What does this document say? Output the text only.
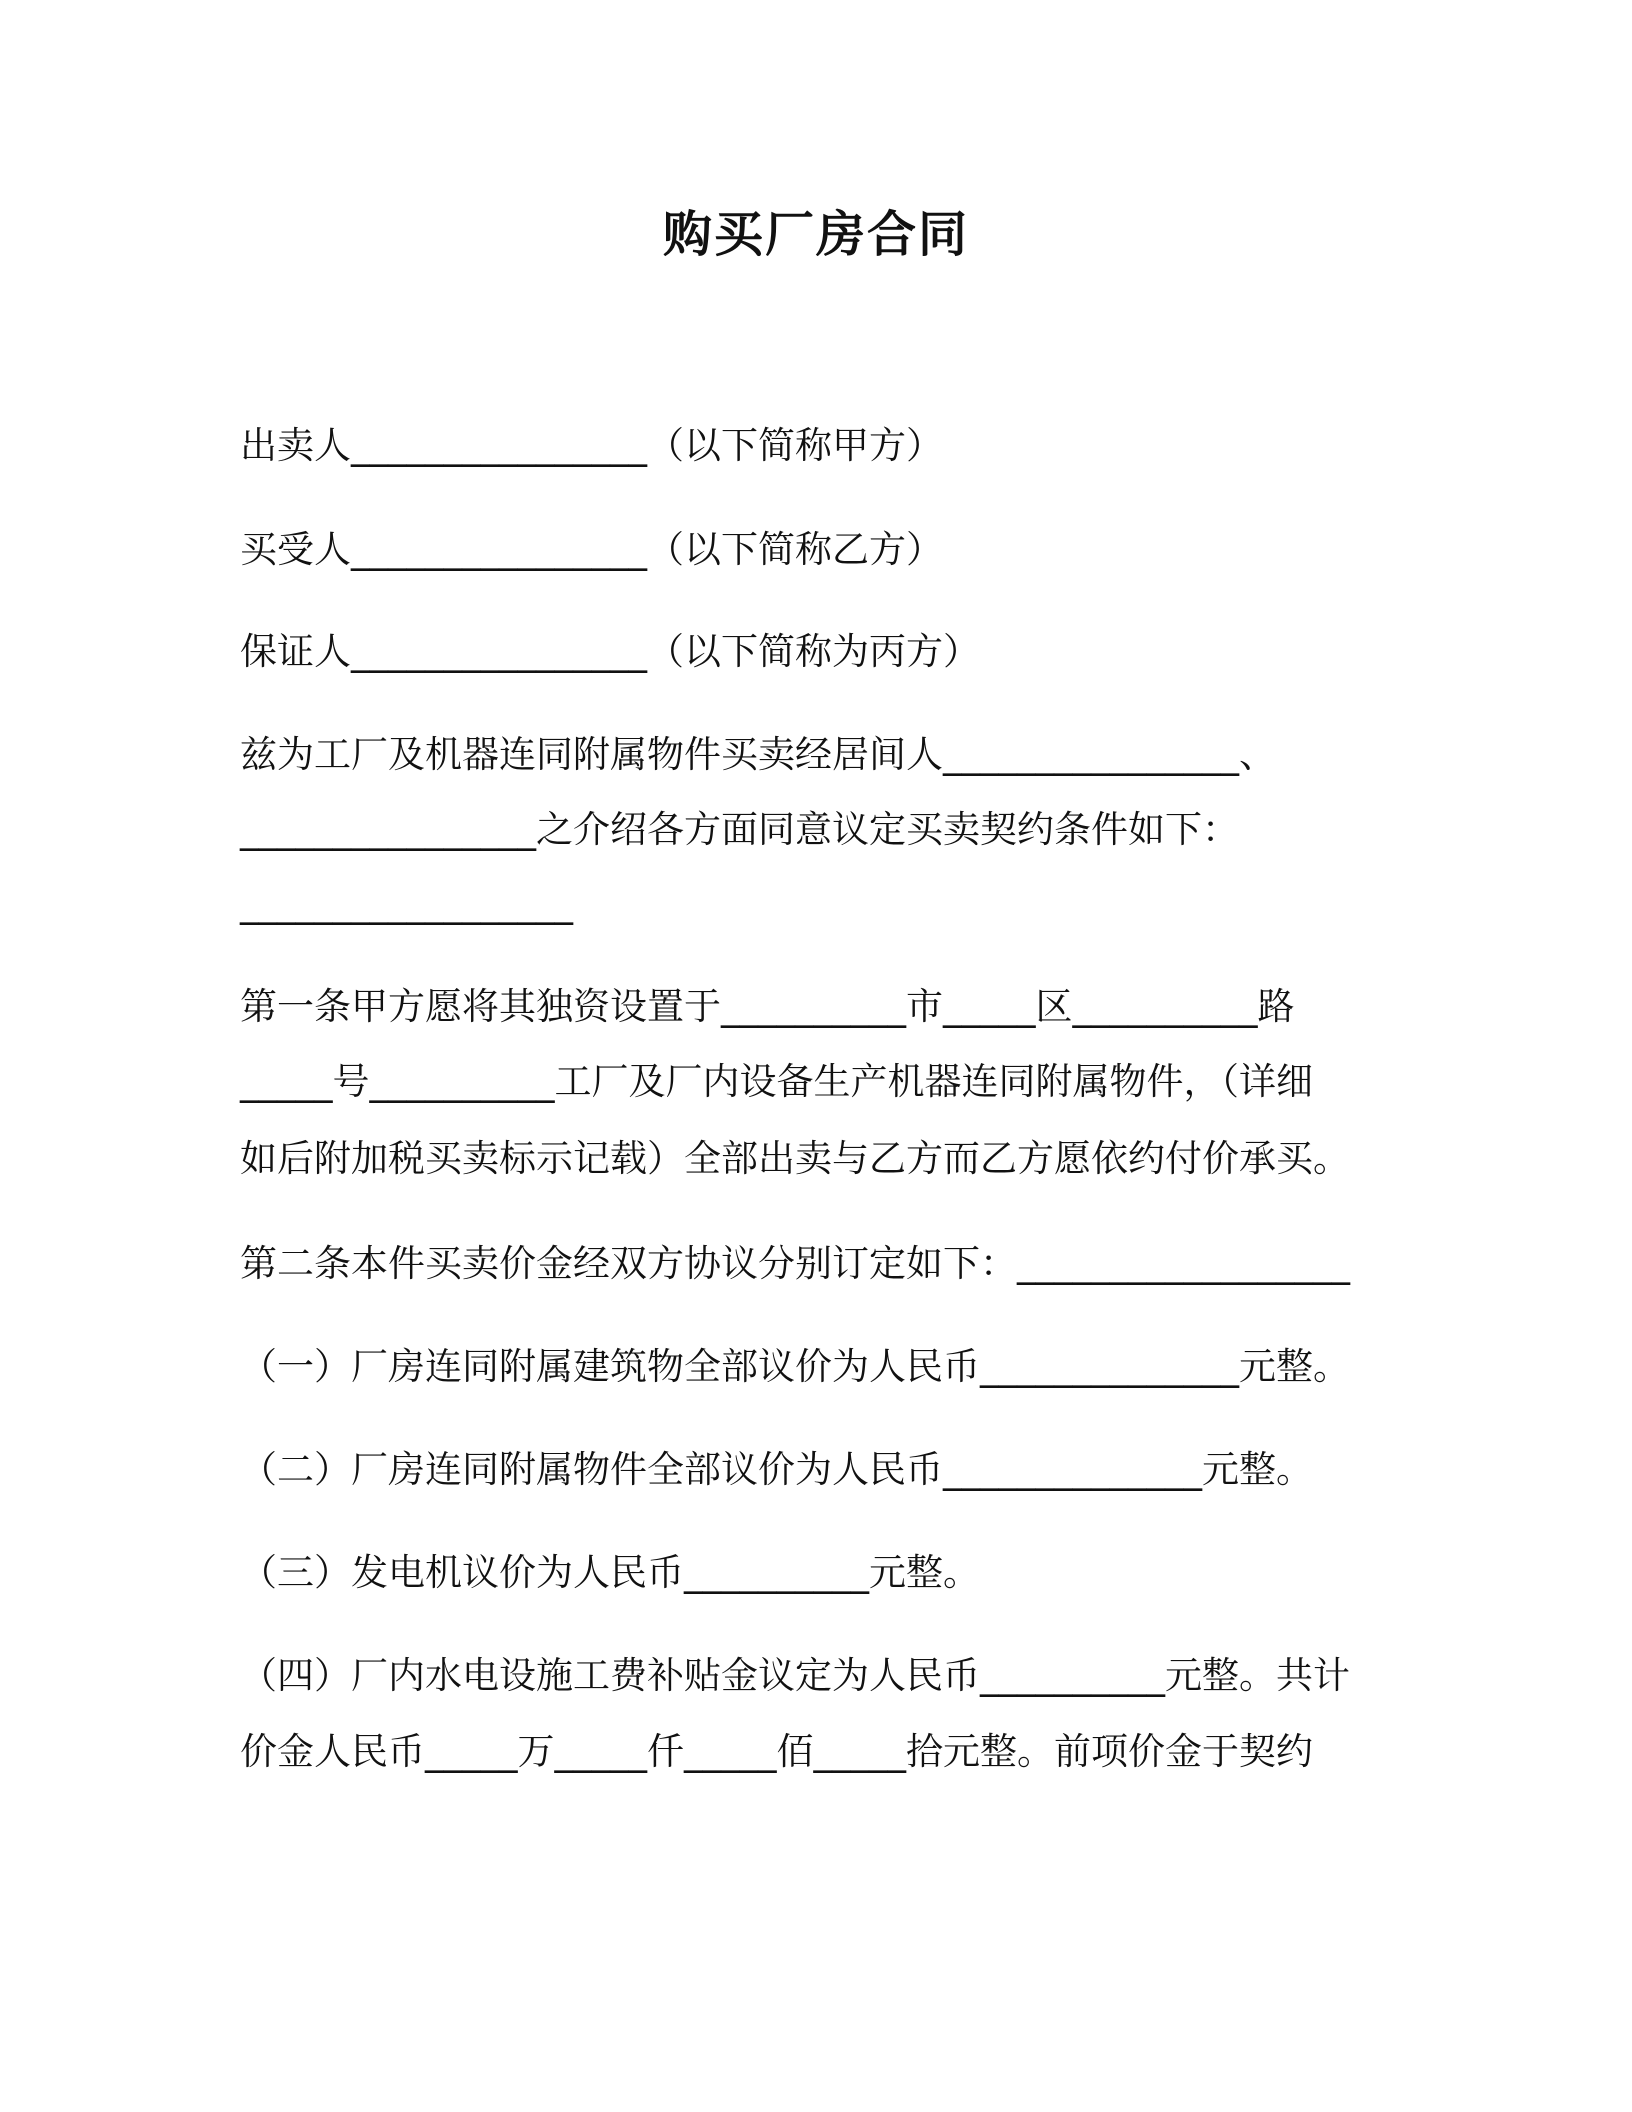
购买厂房合同
出卖人________________（以下简称甲方）
买受人________________（以下简称乙方）
保证人________________（以下简称为丙方）
兹为工厂及机器连同附属物件买卖经居间人________________、
________________之介绍各方面同意议定买卖契约条件如下：
__________________
第一条甲方愿将其独资设置于__________市_____区__________路
_____号__________工厂及厂内设备生产机器连同附属物件，（详细
如后附加税买卖标示记载）全部出卖与乙方而乙方愿依约付价承买。
第二条本件买卖价金经双方协议分别订定如下：__________________
（一）厂房连同附属建筑物全部议价为人民币______________元整。
（二）厂房连同附属物件全部议价为人民币______________元整。
（三）发电机议价为人民币__________元整。
（四）厂内水电设施工费补贴金议定为人民币__________元整。共计
价金人民币_____万_____仟_____佰_____拾元整。前项价金于契约
